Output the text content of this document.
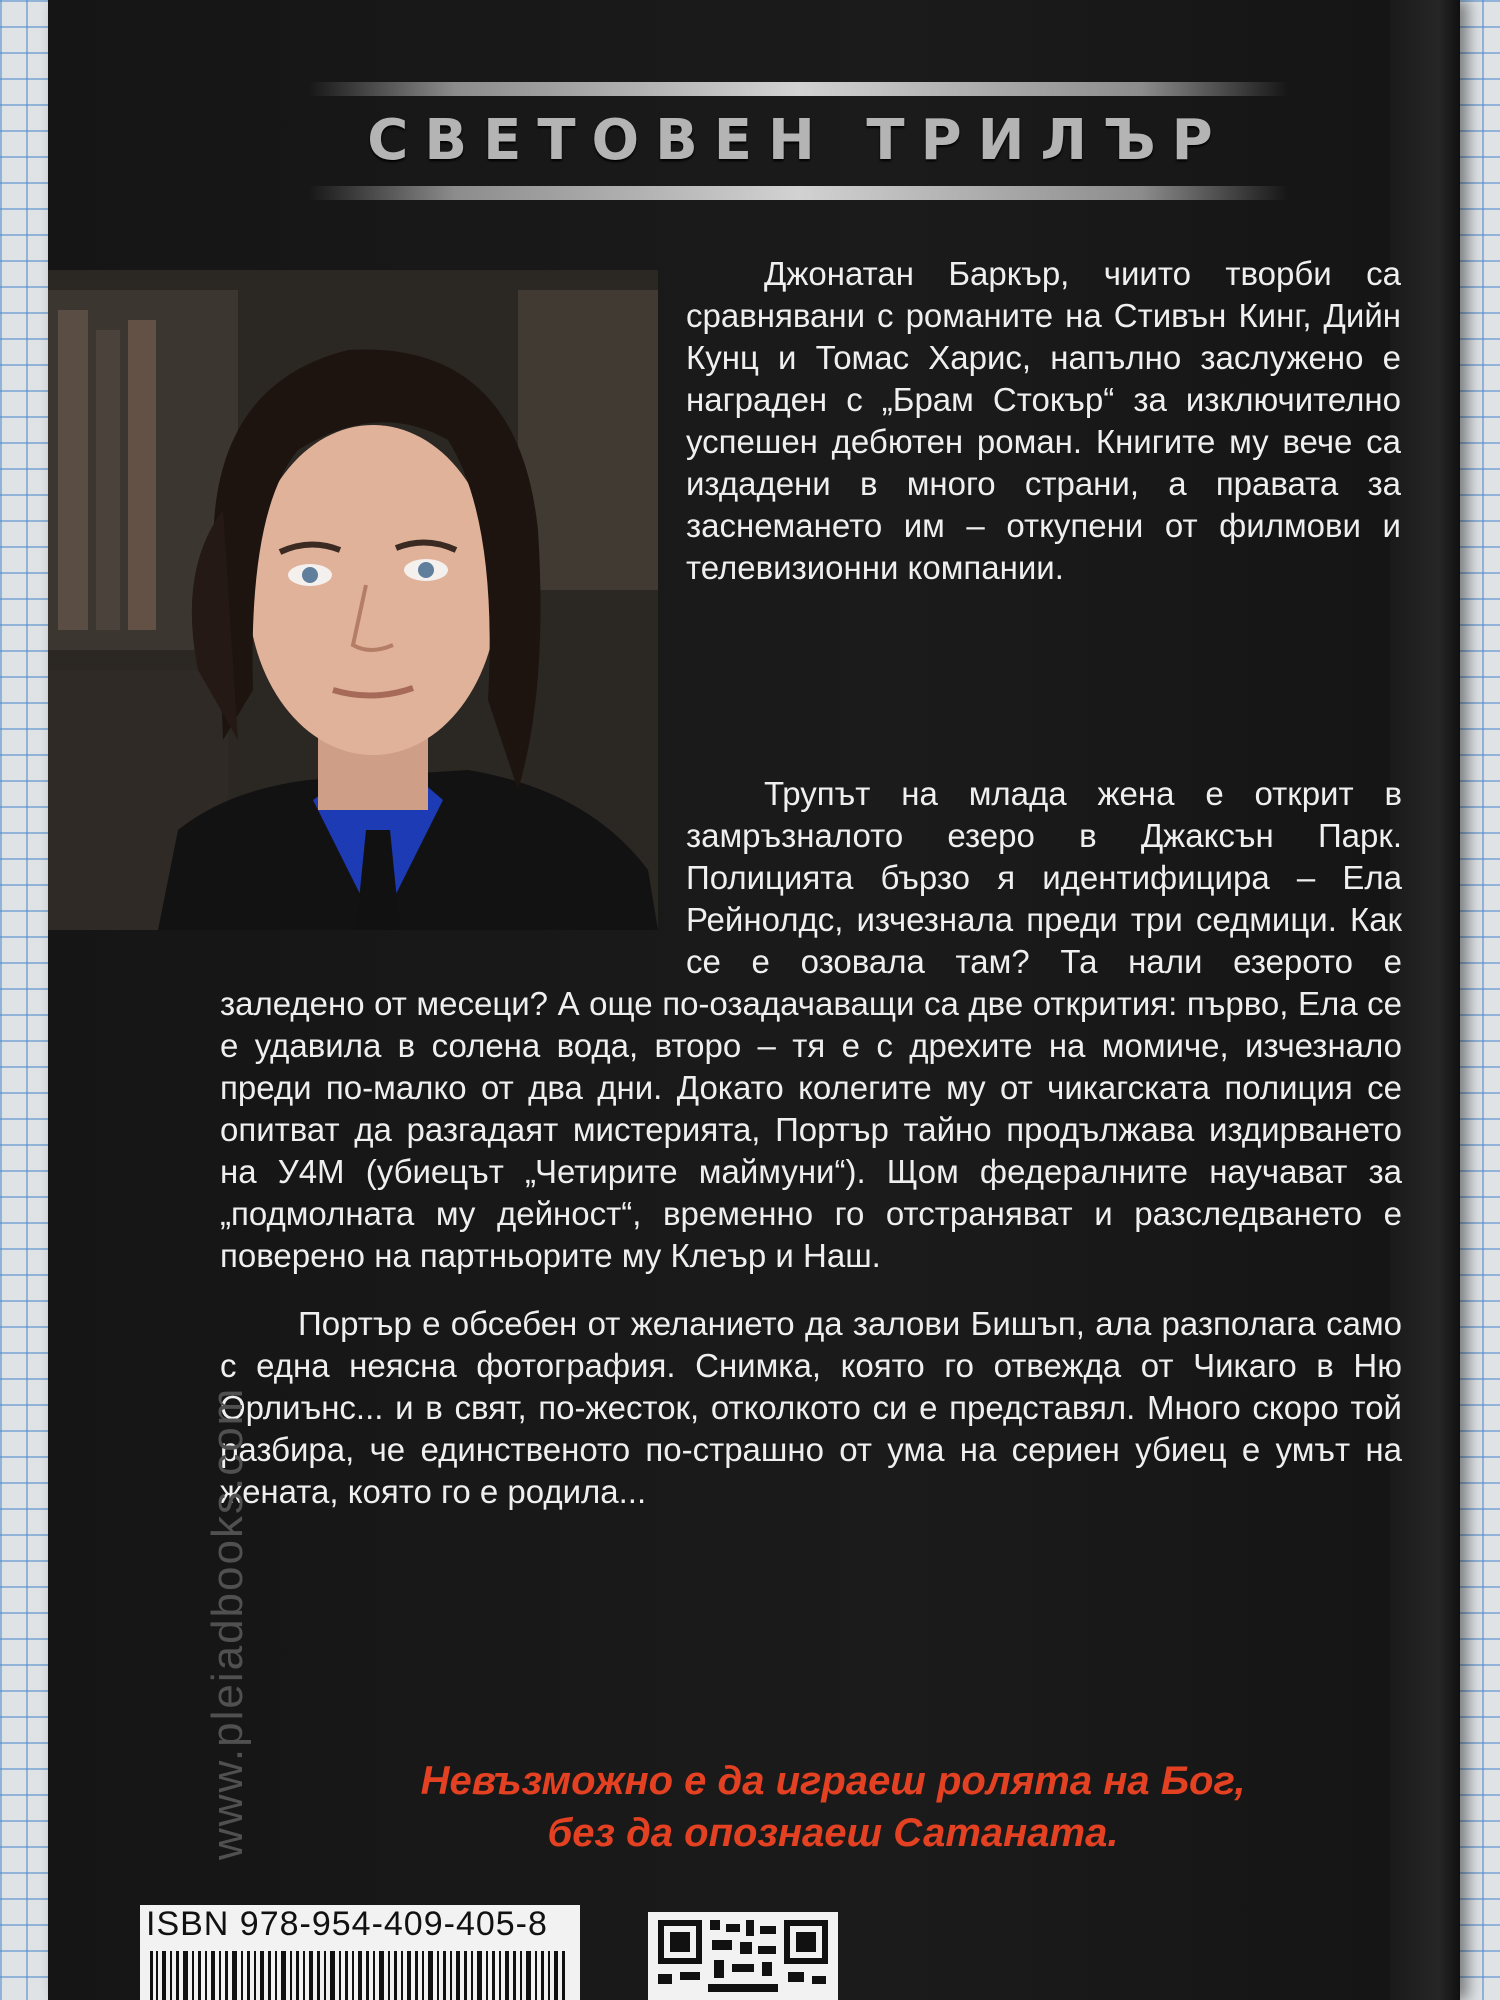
СВЕТОВЕН ТРИЛЪР

Джонатан Баркър, чиито творби са сравнявани с романите на Стивън Кинг, Дийн Кунц и Томас Харис, напълно заслужено е награден с „Брам Стокър“ за изключително успешен дебютен роман. Книгите му вече са издадени в много страни, а правата за заснемането им – откупени от филмови и телевизионни компании.

Трупът на млада жена е открит в замръзналото езеро в Джаксън Парк. Полицията бързо я идентифицира – Ела Рейнолдс, изчезнала преди три седмици. Как се е озовала там? Та нали езерото е заледено от месеци? А още по-озадачаващи са две открития: първо, Ела се е удавила в солена вода, второ – тя е с дрехите на момиче, изчезнало преди по-малко от два дни. Докато колегите му от чикагската полиция се опитват да разгадаят мистерията, Портър тайно продължава издирването на У4М (убиецът „Четирите маймуни“). Щом федералните научават за „подмолната му дейност“, временно го отстраняват и разследването е поверено на партньорите му Клеър и Наш.

Портър е обсебен от желанието да залови Бишъп, ала разполага само с една неясна фотография. Снимка, която го отвежда от Чикаго в Ню Орлиънс... и в свят, по-жесток, отколкото си е представял. Много скоро той разбира, че единственото по-страшно от ума на сериен убиец е умът на жената, която го е родила...

www.pleiadbooks.com	Невъзможно е да играеш ролята на Бог,
без да опознаеш Сатаната.
ISBN 978-954-409-405-8
